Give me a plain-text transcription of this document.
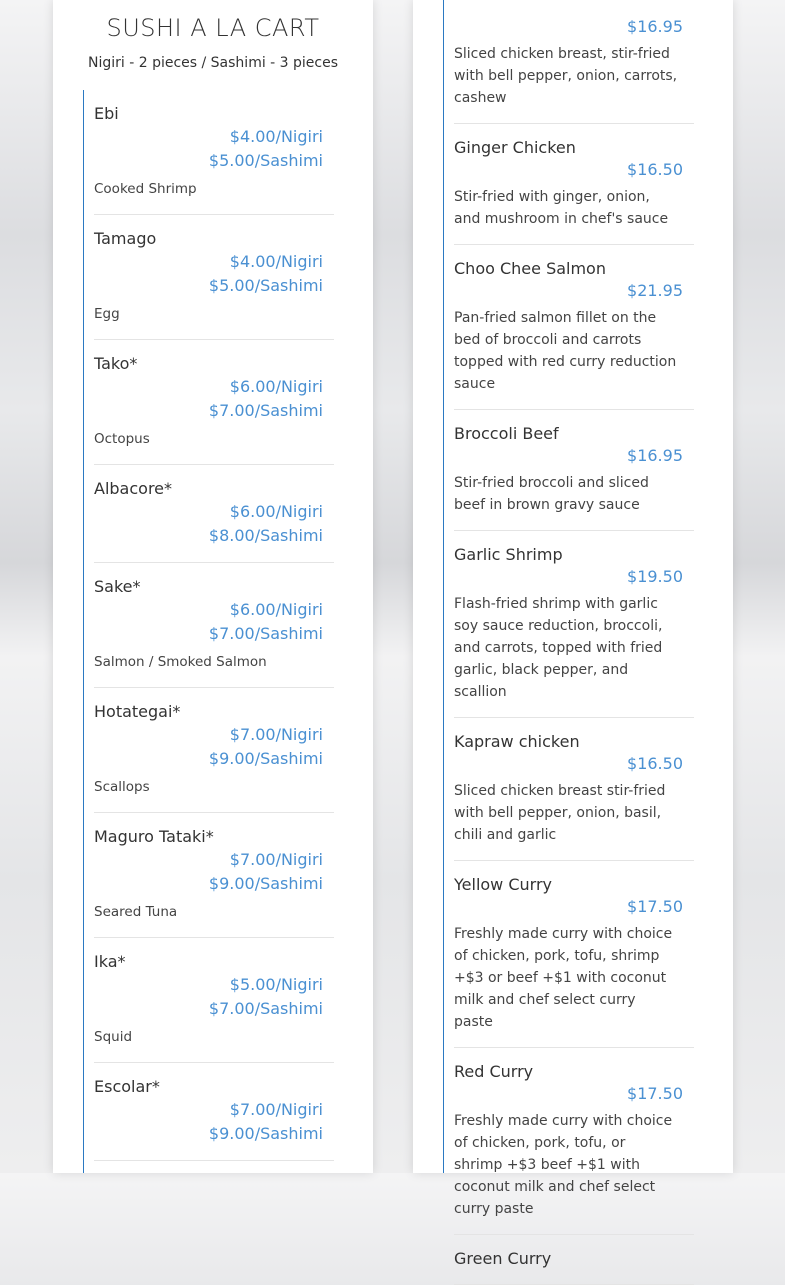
SUSHI A LA CART
Nigiri - 2 pieces / Sashimi - 3 pieces
Ebi
$4.00/Nigiri
$5.00/Sashimi
Cooked Shrimp
Tamago
$4.00/Nigiri
$5.00/Sashimi
Egg
Tako*
$6.00/Nigiri
$7.00/Sashimi
Octopus
Albacore*
$6.00/Nigiri
$8.00/Sashimi
Sake*
$6.00/Nigiri
$7.00/Sashimi
Salmon / Smoked Salmon
Hotategai*
$7.00/Nigiri
$9.00/Sashimi
Scallops
Maguro Tataki*
$7.00/Nigiri
$9.00/Sashimi
Seared Tuna
Ika*
$5.00/Nigiri
$7.00/Sashimi
Squid
Escolar*
$7.00/Nigiri
$9.00/Sashimi

$16.95
Sliced chicken breast, stir-fried with bell pepper, onion, carrots, cashew
Ginger Chicken
$16.50
Stir-fried with ginger, onion, and mushroom in chef's sauce
Choo Chee Salmon
$21.95
Pan-fried salmon fillet on the bed of broccoli and carrots topped with red curry reduction sauce
Broccoli Beef
$16.95
Stir-fried broccoli and sliced beef in brown gravy sauce
Garlic Shrimp
$19.50
Flash-fried shrimp with garlic soy sauce reduction, broccoli, and carrots, topped with fried garlic, black pepper, and scallion
Kapraw chicken
$16.50
Sliced chicken breast stir-fried with bell pepper, onion, basil, chili and garlic
Yellow Curry
$17.50
Freshly made curry with choice of chicken, pork, tofu, shrimp +$3 or beef +$1 with coconut milk and chef select curry paste
Red Curry
$17.50
Freshly made curry with choice of chicken, pork, tofu, or shrimp +$3 beef +$1 with coconut milk and chef select curry paste
Green Curry
